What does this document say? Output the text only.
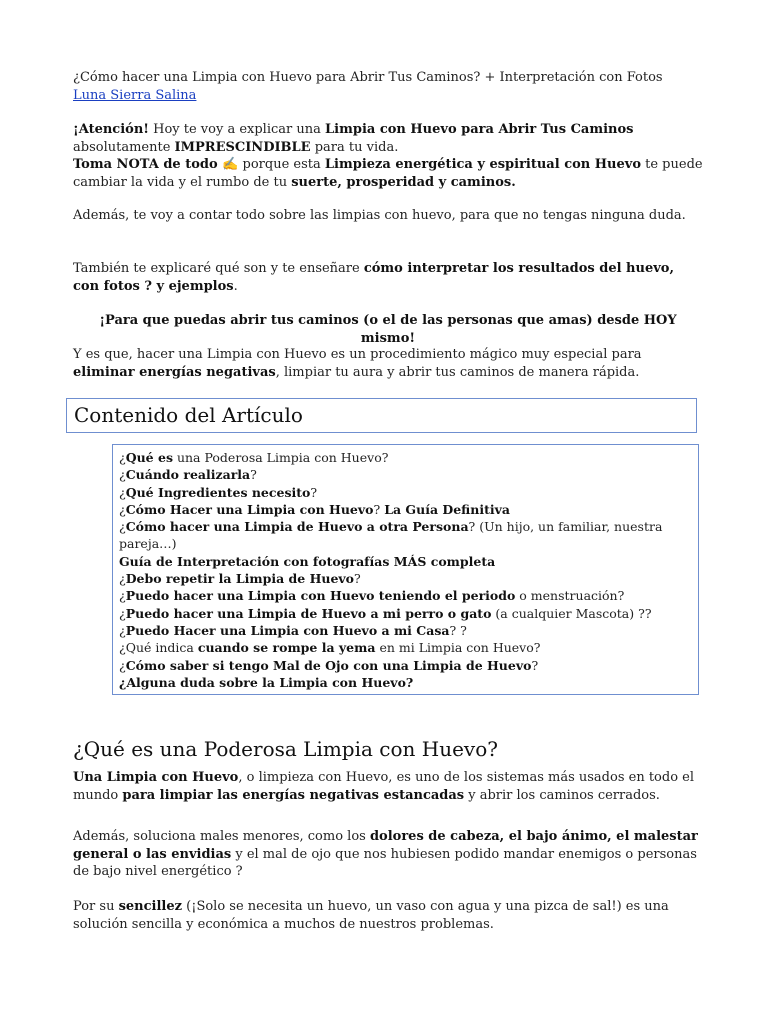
¿Cómo hacer una Limpia con Huevo para Abrir Tus Caminos? + Interpretación con Fotos
Luna Sierra Salina
¡Atención! Hoy te voy a explicar una Limpia con Huevo para Abrir Tus Caminos absolutamente IMPRESCINDIBLE para tu vida.
Toma NOTA de todo ✍ porque esta Limpieza energética y espiritual con Huevo te puede cambiar la vida y el rumbo de tu suerte, prosperidad y caminos.
Además, te voy a contar todo sobre las limpias con huevo, para que no tengas ninguna duda.
También te explicaré qué son y te enseñare cómo interpretar los resultados del huevo, con fotos ? y ejemplos.
¡Para que puedas abrir tus caminos (o el de las personas que amas) desde HOY mismo!
Y es que, hacer una Limpia con Huevo es un procedimiento mágico muy especial para eliminar energías negativas, limpiar tu aura y abrir tus caminos de manera rápida.
Contenido del Artículo
¿Qué es una Poderosa Limpia con Huevo?
¿Cuándo realizarla?
¿Qué Ingredientes necesito?
¿Cómo Hacer una Limpia con Huevo? La Guía Definitiva
¿Cómo hacer una Limpia de Huevo a otra Persona? (Un hijo, un familiar, nuestra pareja…)
Guía de Interpretación con fotografías MÁS completa
¿Debo repetir la Limpia de Huevo?
¿Puedo hacer una Limpia con Huevo teniendo el periodo o menstruación?
¿Puedo hacer una Limpia de Huevo a mi perro o gato (a cualquier Mascota) ??
¿Puedo Hacer una Limpia con Huevo a mi Casa? ?
¿Qué indica cuando se rompe la yema en mi Limpia con Huevo?
¿Cómo saber si tengo Mal de Ojo con una Limpia de Huevo?
¿Alguna duda sobre la Limpia con Huevo?
¿Qué es una Poderosa Limpia con Huevo?
Una Limpia con Huevo, o limpieza con Huevo, es uno de los sistemas más usados en todo el mundo para limpiar las energías negativas estancadas y abrir los caminos cerrados.
Además, soluciona males menores, como los dolores de cabeza, el bajo ánimo, el malestar general o las envidias y el mal de ojo que nos hubiesen podido mandar enemigos o personas de bajo nivel energético ?
Por su sencillez (¡Solo se necesita un huevo, un vaso con agua y una pizca de sal!) es una solución sencilla y económica a muchos de nuestros problemas.
